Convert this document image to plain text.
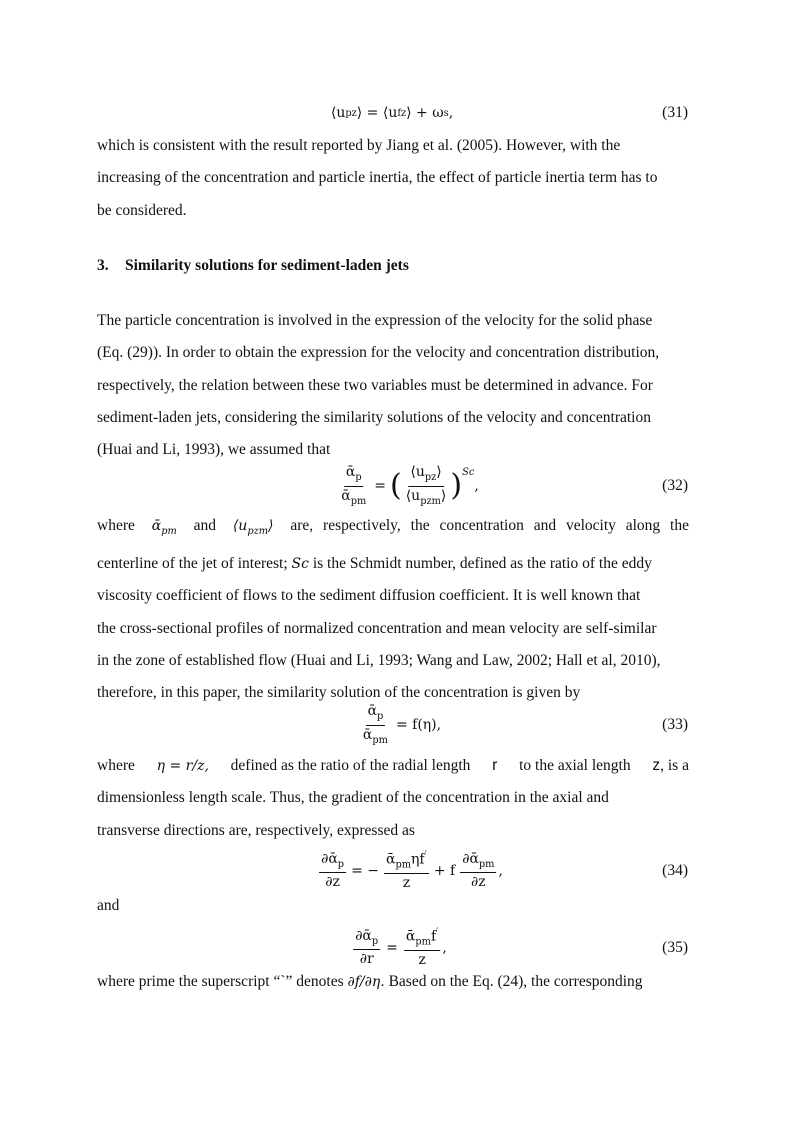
⟨u pz ⟩ = ⟨u fz ⟩ + ω s ,	(31)
which is consistent with the result reported by Jiang et al. (2005). However, with the
increasing of the concentration and particle inertia, the effect of particle inertia term has to
be considered.
3. Similarity solutions for sediment-laden jets
The particle concentration is involved in the expression of the velocity for the solid phase
(Eq. (29)). In order to obtain the expression for the velocity and concentration distribution,
respectively, the relation between these two variables must be determined in advance. For
sediment-laden jets, considering the similarity solutions of the velocity and concentration
(Huai and Li, 1993), we assumed that
$\frac{ᾱ_p}{ᾱ_{pm}}$ = ( $\frac{⟨u_{pz}⟩}{⟨u_{pzm}⟩} )^{Sc}$
,	(32)
where ᾱ$_{pm}$ and $⟨u_{pzm}⟩$ are, respectively, the concentration and velocity along the
centerline of the jet of interest; Sc is the Schmidt number, defined as the ratio of the eddy
viscosity coefficient of flows to the sediment diffusion coefficient. It is well known that
the cross-sectional profiles of normalized concentration and mean velocity are self-similar
in the zone of established flow (Huai and Li, 1993; Wang and Law, 2002; Hall et al, 2010),
therefore, in this paper, the similarity solution of the concentration is given by
$\frac{ᾱ_p}{ᾱ_{pm}} = f(\eta)$,	(33)
where η = r/z, defined as the ratio of the radial length r to the axial length z, is a
dimensionless length scale. Thus, the gradient of the concentration in the axial and
transverse directions are, respectively, expressed as
$\frac{\partial ᾱ_p}{\partial z}$ = − $\frac{ᾱ_{pm}\eta f'}{z} + f \frac{\partial ᾱ_{pm}}{\partial z}$ ,	(34)
and
$\frac{\partial ᾱ_p}{\partial r} = \frac{ᾱ_{pm}f'}{z}$ ,	(35)
where prime the superscript “`” denotes ∂f/∂η. Based on the Eq. (24), the corresponding
